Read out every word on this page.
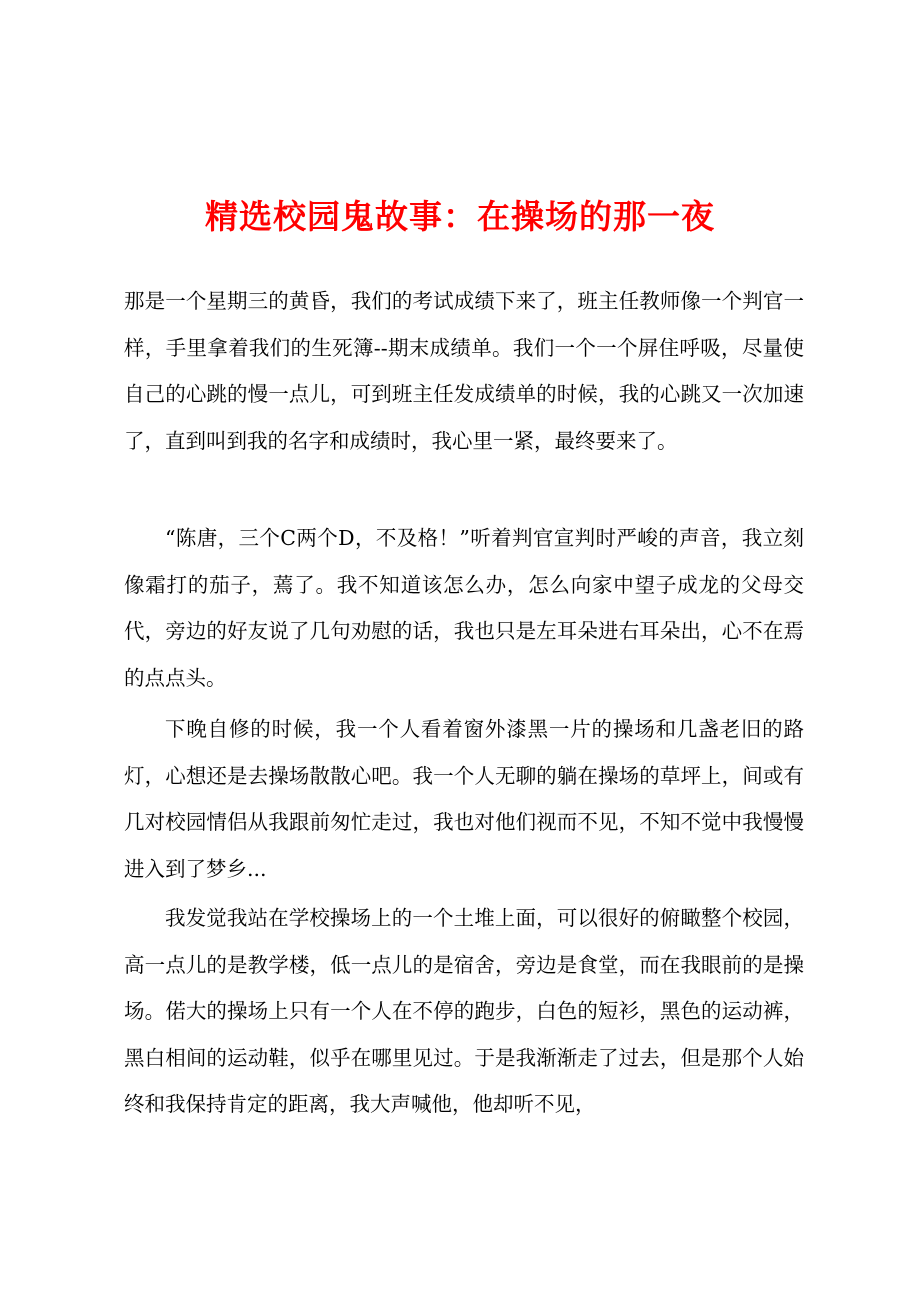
精选校园鬼故事：在操场的那一夜

那是一个星期三的黄昏，我们的考试成绩下来了，班主任教师像一个判官一样，手里拿着我们的生死簿--期末成绩单。我们一个一个屏住呼吸，尽量使自己的心跳的慢一点儿，可到班主任发成绩单的时候，我的心跳又一次加速了，直到叫到我的名字和成绩时，我心里一紧，最终要来了。

“陈唐，三个C两个D，不及格！”听着判官宣判时严峻的声音，我立刻像霜打的茄子，蔫了。我不知道该怎么办，怎么向家中望子成龙的父母交代，旁边的好友说了几句劝慰的话，我也只是左耳朵进右耳朵出，心不在焉的点点头。

下晚自修的时候，我一个人看着窗外漆黑一片的操场和几盏老旧的路灯，心想还是去操场散散心吧。我一个人无聊的躺在操场的草坪上，间或有几对校园情侣从我跟前匆忙走过，我也对他们视而不见，不知不觉中我慢慢进入到了梦乡...

我发觉我站在学校操场上的一个土堆上面，可以很好的俯瞰整个校园，高一点儿的是教学楼，低一点儿的是宿舍，旁边是食堂，而在我眼前的是操场。偌大的操场上只有一个人在不停的跑步，白色的短衫，黑色的运动裤，黑白相间的运动鞋，似乎在哪里见过。于是我渐渐走了过去，但是那个人始终和我保持肯定的距离，我大声喊他，他却听不见，
